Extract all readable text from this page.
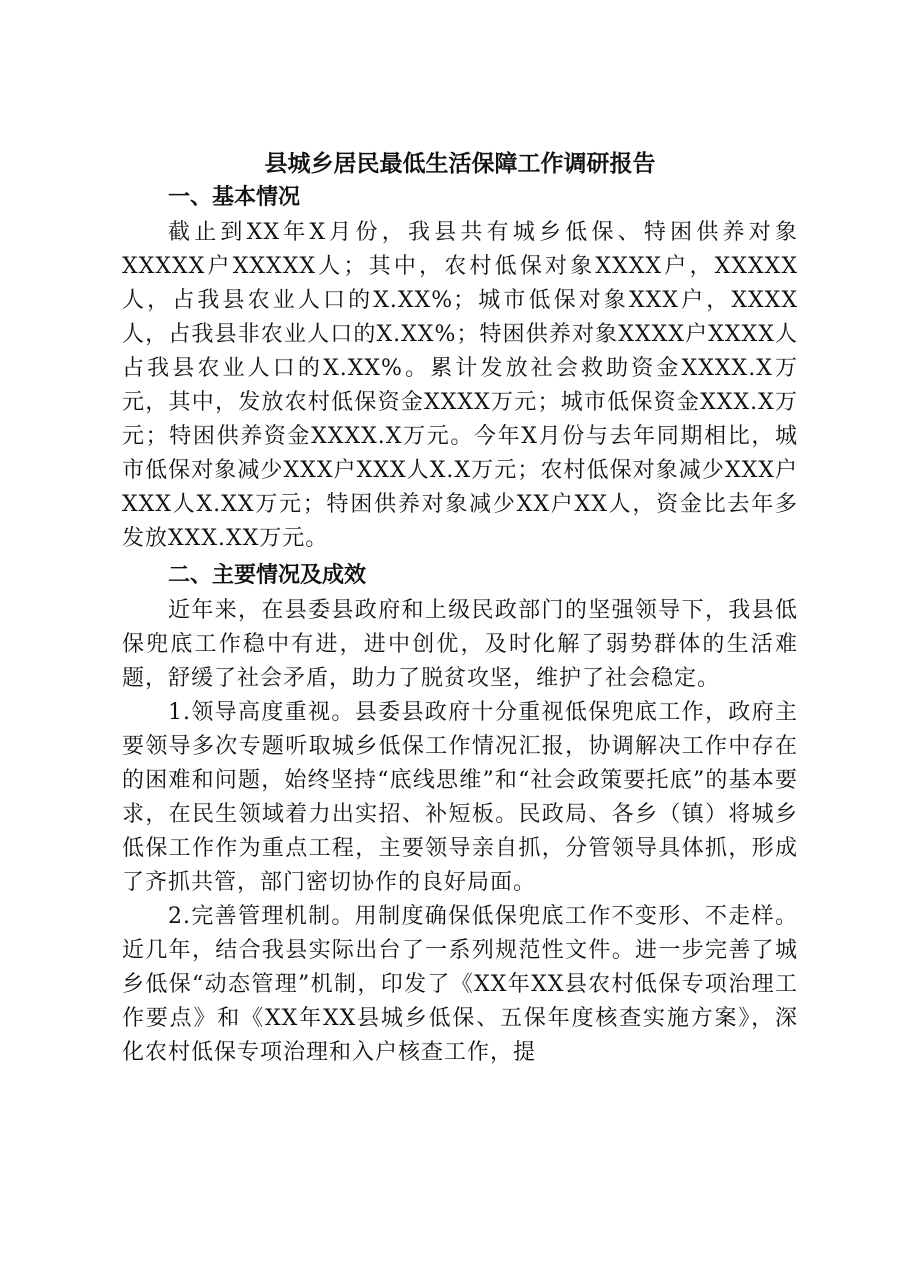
县城乡居民最低生活保障工作调研报告
一、基本情况

截止到XX年X月份，我县共有城乡低保、特困供养对象XXXXX户XXXXX人；其中，农村低保对象XXXX户，XXXXX人，占我县农业人口的X.XX%；城市低保对象XXX户，XXXX人，占我县非农业人口的X.XX%；特困供养对象XXXX户XXXX人占我县农业人口的X.XX%。累计发放社会救助资金XXXX.X万元，其中，发放农村低保资金XXXX万元；城市低保资金XXX.X万元；特困供养资金XXXX.X万元。今年X月份与去年同期相比，城市低保对象减少XXX户XXX人X.X万元；农村低保对象减少XXX户XXX人X.XX万元；特困供养对象减少XX户XX人，资金比去年多发放XXX.XX万元。

二、主要情况及成效

近年来，在县委县政府和上级民政部门的坚强领导下，我县低保兜底工作稳中有进，进中创优，及时化解了弱势群体的生活难题，舒缓了社会矛盾，助力了脱贫攻坚，维护了社会稳定。

1.领导高度重视。县委县政府十分重视低保兜底工作，政府主要领导多次专题听取城乡低保工作情况汇报，协调解决工作中存在的困难和问题，始终坚持“底线思维”和“社会政策要托底”的基本要求，在民生领域着力出实招、补短板。民政局、各乡（镇）将城乡低保工作作为重点工程，主要领导亲自抓，分管领导具体抓，形成了齐抓共管，部门密切协作的良好局面。

2.完善管理机制。用制度确保低保兜底工作不变形、不走样。近几年，结合我县实际出台了一系列规范性文件。进一步完善了城乡低保“动态管理”机制，印发了《XX年XX县农村低保专项治理工作要点》和《XX年XX县城乡低保、五保年度核查实施方案》，深化农村低保专项治理和入户核查工作，提
